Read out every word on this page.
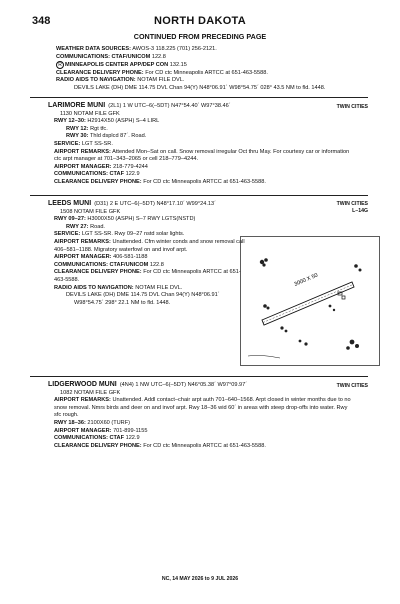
348	NORTH DAKOTA
CONTINUED FROM PRECEDING PAGE
WEATHER DATA SOURCES: AWOS-3 118.225 (701) 256-2121.
COMMUNICATIONS: CTAF/UNICOM 122.8
R MINNEAPOLIS CENTER APP/DEP CON 132.15
CLEARANCE DELIVERY PHONE: For CD ctc Minneapolis ARTCC at 651-463-5588.
RADIO AIDS TO NAVIGATION: NOTAM FILE DVL.
DEVILS LAKE (DH) DME 114.75 DVL Chan 94(Y) N48°06.91´ W98°54.75´ 028° 43.5 NM to fld. 1448.
TWIN CITIES
LARIMORE MUNI (2L1) 1 W UTC–6(–5DT) N47°54.40´ W97°38.46´
1130 NOTAM FILE GFK
RWY 12–30: H2914X50 (ASPH) S–4 LIRL
RWY 12: Rgt tfc.
RWY 30: Thld dsplcd 87´. Road.
SERVICE: LGT SS-SR.
AIRPORT REMARKS: Attended Mon–Sat on call. Snow removal irregular Oct thru May. For courtesy car or information ctc arpt manager at 701–343–2065 or cell 218–779–4244.
AIRPORT MANAGER: 218-779-4244
COMMUNICATIONS: CTAF 122.9
CLEARANCE DELIVERY PHONE: For CD ctc Minneapolis ARTCC at 651-463-5588.
TWIN CITIES
L–14G
LEEDS MUNI (D31) 2 E UTC–6(–5DT) N48°17.10´ W99°24.13´
1508 NOTAM FILE GFK
RWY 09–27: H3000X50 (ASPH) S–7 RWY LGTS(NSTD)
RWY 27: Road.
SERVICE: LGT SS-SR. Rwy 09–27 nstd solar lights.
AIRPORT REMARKS: Unattended. Cfm winter conds and snow removal call 406–581–1188. Migratory waterfowl on and invof arpt.
AIRPORT MANAGER: 406-581-1188
COMMUNICATIONS: CTAF/UNICOM 122.8
CLEARANCE DELIVERY PHONE: For CD ctc Minneapolis ARTCC at 651-463-5588.
RADIO AIDS TO NAVIGATION: NOTAM FILE DVL.
DEVILS LAKE (DH) DME 114.75 DVL Chan 94(Y) N48°06.91´
W98°54.75´ 298° 22.1 NM to fld. 1448.
3000 X 50
TWIN CITIES
LIDGERWOOD MUNI (4N4) 1 NW UTC–6(–5DT) N46°05.38´ W97°09.97´
1082 NOTAM FILE GFK
AIRPORT REMARKS: Unattended. Addl contact–chair arpt auth 701–640–1568. Arpt closed in winter months due to no snow removal. Nmrs birds and deer on and invof arpt. Rwy 18–36 wid 60´ in areas with steep drop-offs into water. Rwy sfc rough.
RWY 18–36: 2100X60 (TURF)
AIRPORT MANAGER: 701-899-1155
COMMUNICATIONS: CTAF 122.9
CLEARANCE DELIVERY PHONE: For CD ctc Minneapolis ARTCC at 651-463-5588.
NC, 14 MAY 2026 to 9 JUL 2026
